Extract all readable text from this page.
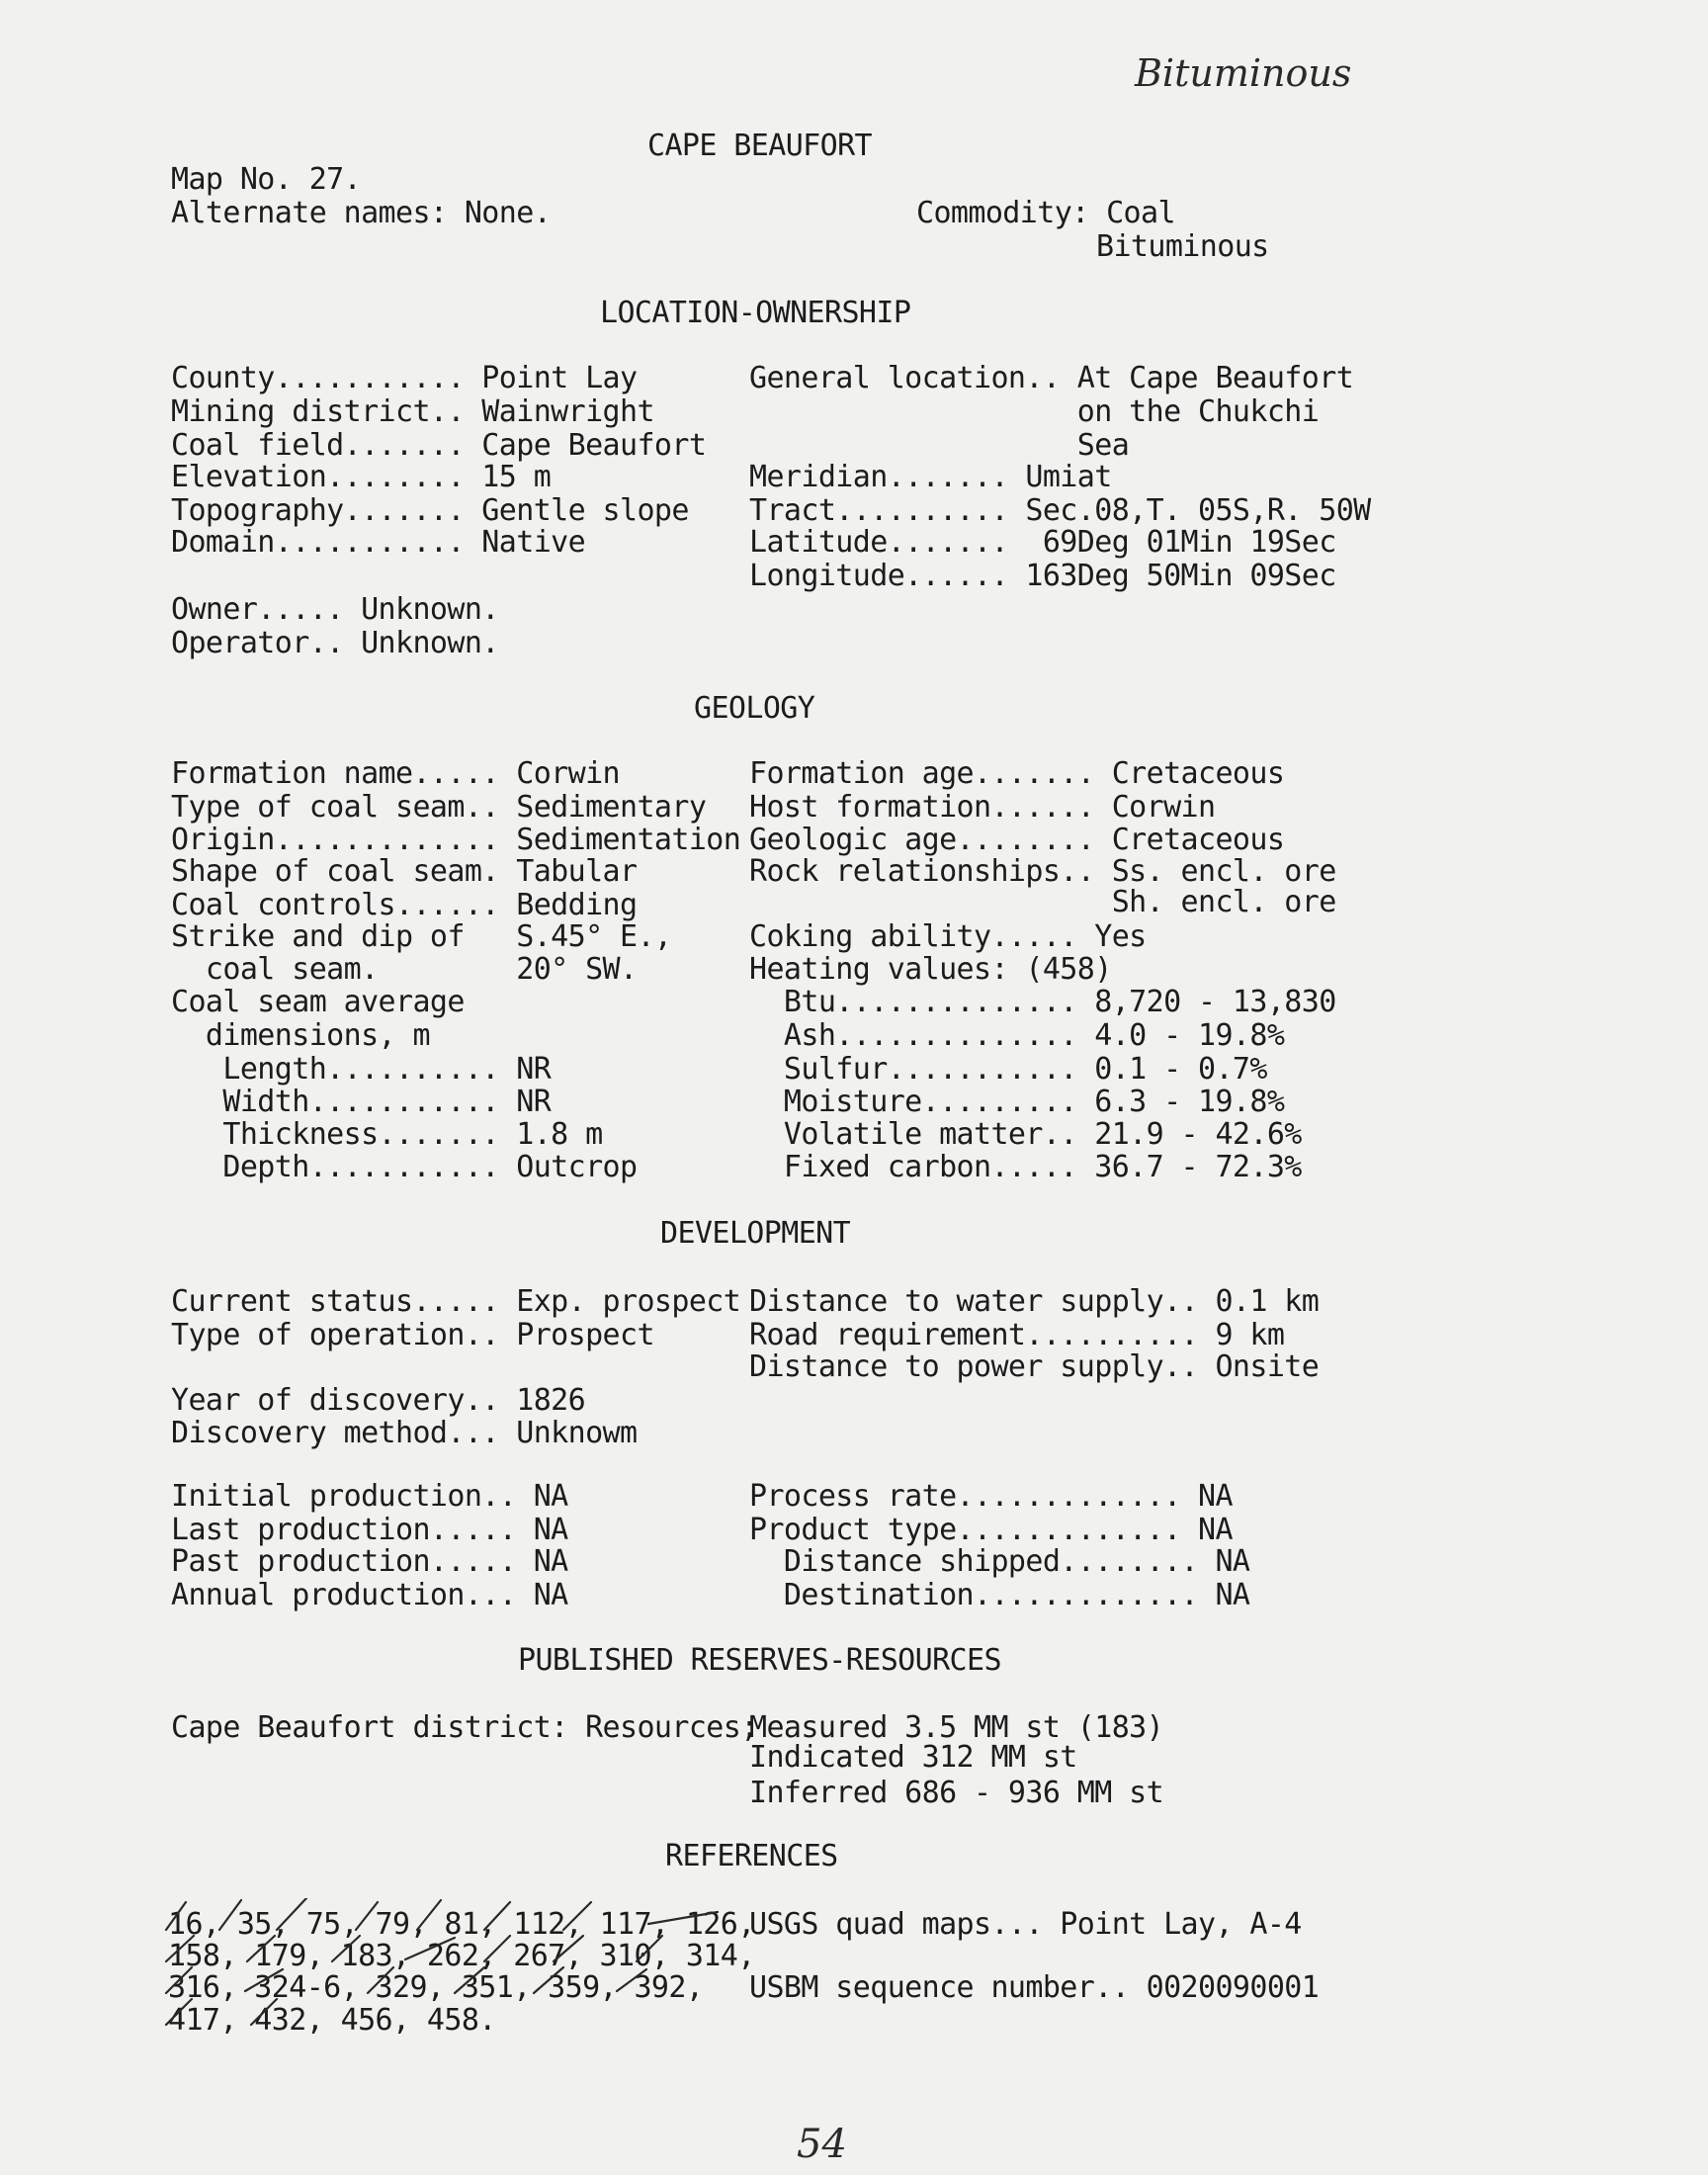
Bituminous
CAPE BEAUFORT
Map No. 27.
Alternate names: None.	Commodity: Coal
Bituminous
LOCATION-OWNERSHIP
County........... Point Lay
Mining district.. Wainwright
Coal field....... Cape Beaufort
Elevation........ 15 m
Topography....... Gentle slope
Domain........... Native
General location.. At Cape Beaufort
on the Chukchi
Sea
Meridian....... Umiat
Tract.......... Sec.08,T. 05S,R. 50W
Latitude.......  69Deg 01Min 19Sec
Longitude...... 163Deg 50Min 09Sec
Owner..... Unknown.
Operator.. Unknown.
GEOLOGY
Formation name..... Corwin
Type of coal seam.. Sedimentary
Origin............. Sedimentation
Shape of coal seam. Tabular
Coal controls...... Bedding
Strike and dip of   S.45° E.,
coal seam.        20° SW.
Coal seam average
dimensions, m
Length.......... NR
Width........... NR
Thickness....... 1.8 m
Depth........... Outcrop
Formation age....... Cretaceous
Host formation...... Corwin
Geologic age........ Cretaceous
Rock relationships.. Ss. encl. ore
Sh. encl. ore
Coking ability..... Yes
Heating values: (458)
Btu.............. 8,720 - 13,830
Ash.............. 4.0 - 19.8%
Sulfur........... 0.1 - 0.7%
Moisture......... 6.3 - 19.8%
Volatile matter.. 21.9 - 42.6%
Fixed carbon..... 36.7 - 72.3%
DEVELOPMENT
Current status..... Exp. prospect
Type of operation.. Prospect
Year of discovery.. 1826
Discovery method... Unknowm
Distance to water supply.. 0.1 km
Road requirement.......... 9 km
Distance to power supply.. Onsite
Initial production.. NA
Last production..... NA
Past production..... NA
Annual production... NA
Process rate............. NA
Product type............. NA
Distance shipped........ NA
Destination............. NA
PUBLISHED RESERVES-RESOURCES
Cape Beaufort district: Resources;
Measured 3.5 MM st (183)
Indicated 312 MM st
Inferred 686 - 936 MM st
REFERENCES
16, 35, 75, 79, 81, 112, 117, 126,
158, 179, 183, 262, 267, 310, 314,
316, 324-6, 329, 351, 359, 392,
417, 432, 456, 458.
USGS quad maps... Point Lay, A-4
USBM sequence number.. 0020090001
54
